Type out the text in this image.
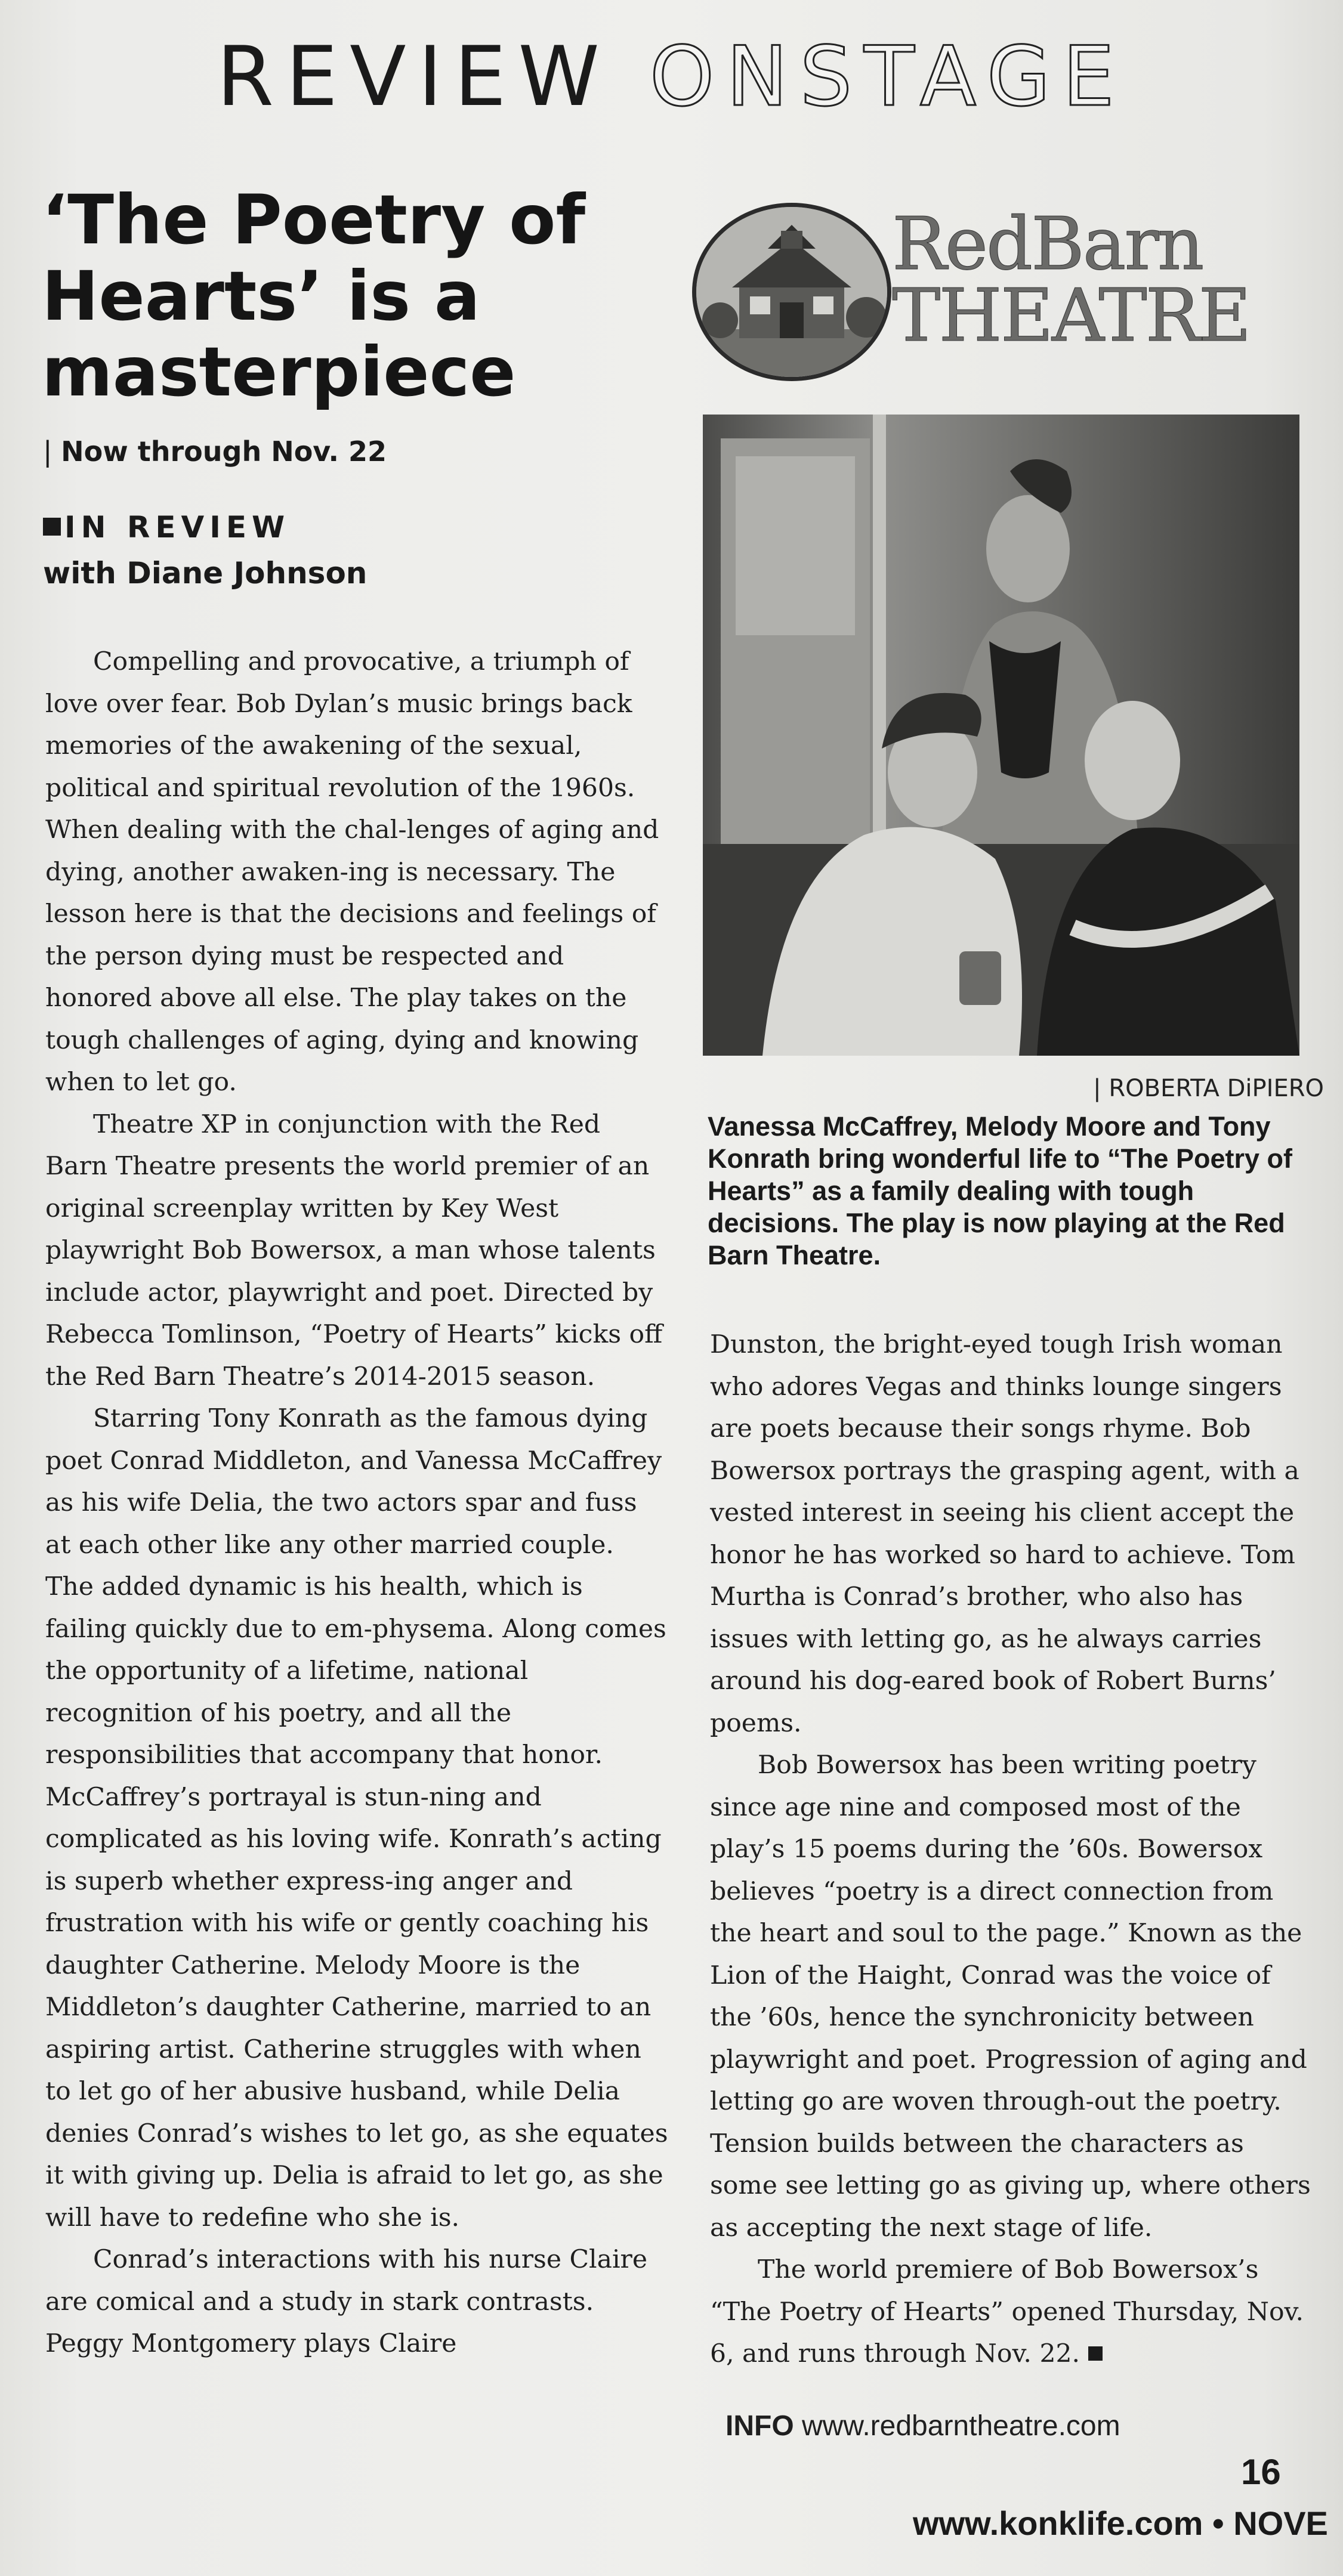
REVIEW ONSTAGE
‘The Poetry of Hearts’ is a masterpiece
| Now through Nov. 22
IN REVIEW
with Diane Johnson

Compelling and provocative, a triumph of love over fear. Bob Dylan’s music brings back memories of the awakening of the sexual, political and spiritual revolution of the 1960s. When dealing with the chal-lenges of aging and dying, another awaken-ing is necessary. The lesson here is that the decisions and feelings of the person dying must be respected and honored above all else. The play takes on the tough challenges of aging, dying and knowing when to let go.

Theatre XP in conjunction with the Red Barn Theatre presents the world premier of an original screenplay written by Key West playwright Bob Bowersox, a man whose talents include actor, playwright and poet. Directed by Rebecca Tomlinson, “Poetry of Hearts” kicks off the Red Barn Theatre’s 2014-2015 season.

Starring Tony Konrath as the famous dying poet Conrad Middleton, and Vanessa McCaffrey as his wife Delia, the two actors spar and fuss at each other like any other married couple. The added dynamic is his health, which is failing quickly due to em-physema. Along comes the opportunity of a lifetime, national recognition of his poetry, and all the responsibilities that accompany that honor. McCaffrey’s portrayal is stun-ning and complicated as his loving wife. Konrath’s acting is superb whether express-ing anger and frustration with his wife or gently coaching his daughter Catherine. Melody Moore is the Middleton’s daughter Catherine, married to an aspiring artist. Catherine struggles with when to let go of her abusive husband, while Delia denies Conrad’s wishes to let go, as she equates it with giving up. Delia is afraid to let go, as she will have to redefine who she is.

Conrad’s interactions with his nurse Claire are comical and a study in stark contrasts. Peggy Montgomery plays Claire

RedBarn
THEATRE
| ROBERTA DiPIERO
Vanessa McCaffrey, Melody Moore and Tony Konrath bring wonderful life to “The Poetry of Hearts” as a family dealing with tough decisions. The play is now playing at the Red Barn Theatre.

Dunston, the bright-eyed tough Irish woman who adores Vegas and thinks lounge singers are poets because their songs rhyme. Bob Bowersox portrays the grasping agent, with a vested interest in seeing his client accept the honor he has worked so hard to achieve. Tom Murtha is Conrad’s brother, who also has issues with letting go, as he always carries around his dog-eared book of Robert Burns’ poems.

Bob Bowersox has been writing poetry since age nine and composed most of the play’s 15 poems during the ’60s. Bowersox believes “poetry is a direct connection from the heart and soul to the page.” Known as the Lion of the Haight, Conrad was the voice of the ’60s, hence the synchronicity between playwright and poet. Progression of aging and letting go are woven through-out the poetry. Tension builds between the characters as some see letting go as giving up, where others as accepting the next stage of life.

The world premiere of Bob Bowersox’s “The Poetry of Hearts” opened Thursday, Nov. 6, and runs through Nov. 22.

INFO www.redbarntheatre.com
16
www.konklife.com • NOVE
